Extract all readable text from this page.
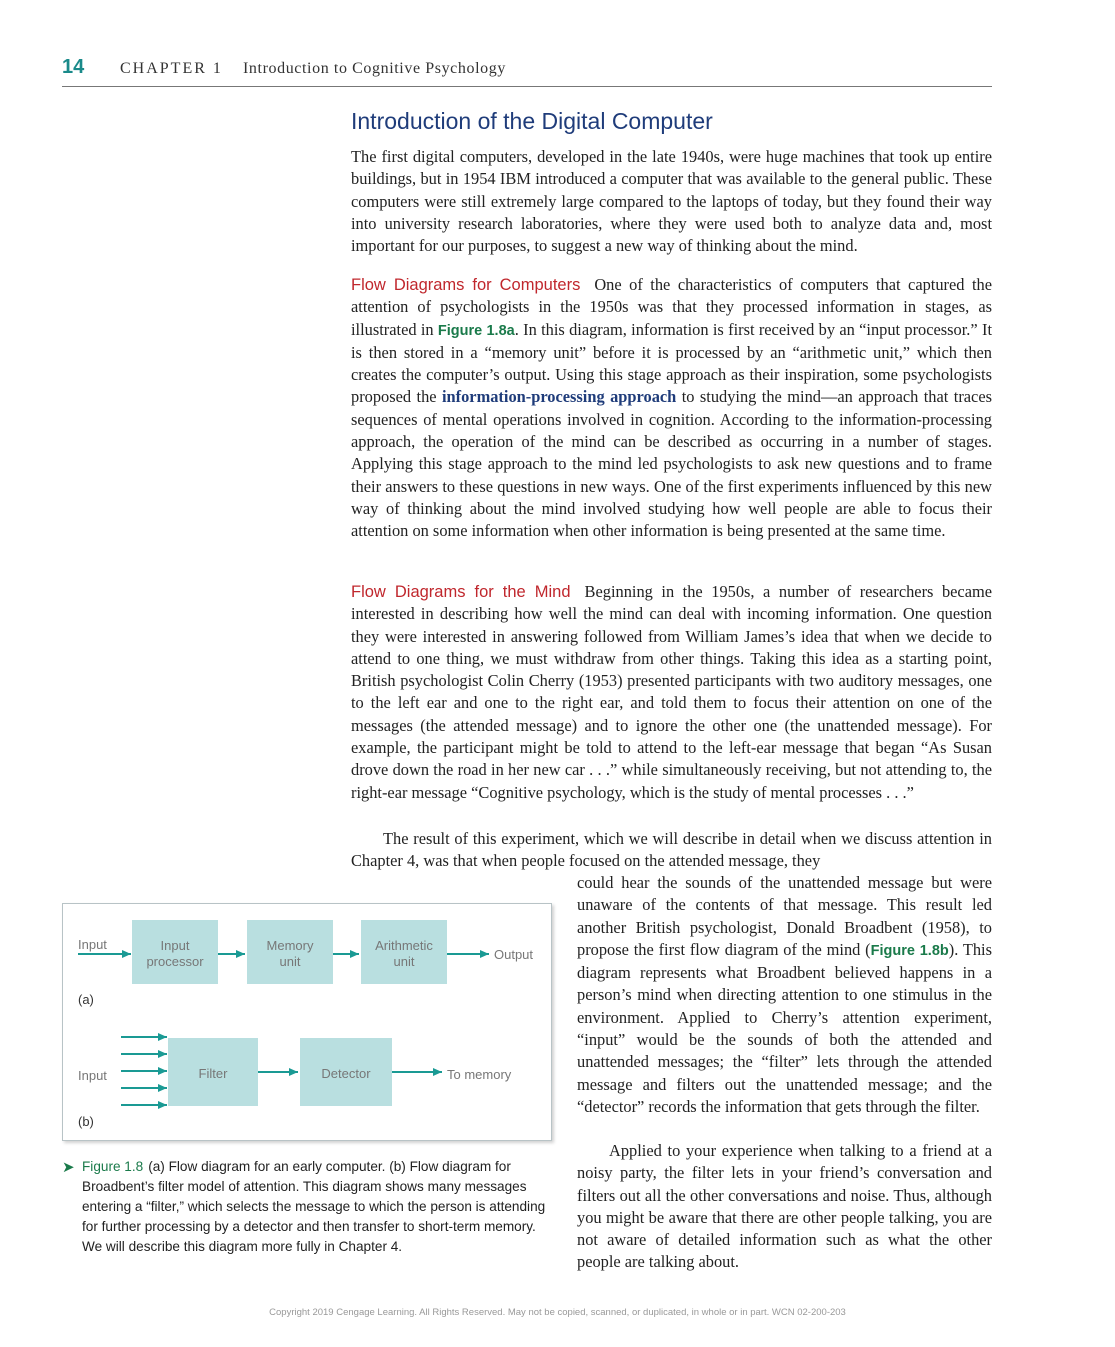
14 CHAPTER 1 Introduction to Cognitive Psychology
Introduction of the Digital Computer

The first digital computers, developed in the late 1940s, were huge machines that took up entire buildings, but in 1954 IBM introduced a computer that was available to the general public. These computers were still extremely large compared to the laptops of today, but they found their way into university research laboratories, where they were used both to analyze data and, most important for our purposes, to suggest a new way of thinking about the mind.

Flow Diagrams for Computers One of the characteristics of computers that captured the attention of psychologists in the 1950s was that they processed information in stages, as illustrated in Figure 1.8a. In this diagram, information is first received by an “input processor.” It is then stored in a “memory unit” before it is processed by an “arithmetic unit,” which then creates the computer’s output. Using this stage approach as their inspiration, some psychologists proposed the information-processing approach to studying the mind—an approach that traces sequences of mental operations involved in cognition. According to the information-processing approach, the operation of the mind can be described as occurring in a number of stages. Applying this stage approach to the mind led psychologists to ask new questions and to frame their answers to these questions in new ways. One of the first experiments influenced by this new way of thinking about the mind involved studying how well people are able to focus their attention on some information when other information is being presented at the same time.

Flow Diagrams for the Mind Beginning in the 1950s, a number of researchers became interested in describing how well the mind can deal with incoming information. One question they were interested in answering followed from William James’s idea that when we decide to attend to one thing, we must withdraw from other things. Taking this idea as a starting point, British psychologist Colin Cherry (1953) presented participants with two auditory messages, one to the left ear and one to the right ear, and told them to focus their attention on one of the messages (the attended message) and to ignore the other one (the unattended message). For example, the participant might be told to attend to the left-ear message that began “As Susan drove down the road in her new car . . .” while simultaneously receiving, but not attending to, the right-ear message “Cognitive psychology, which is the study of mental processes . . .”

The result of this experiment, which we will describe in detail when we discuss attention in Chapter 4, was that when people focused on the attended message, they

could hear the sounds of the unattended message but were unaware of the contents of that message. This result led another British psychologist, Donald Broadbent (1958), to propose the first flow diagram of the mind (Figure 1.8b). This diagram represents what Broadbent believed happens in a person’s mind when directing attention to one stimulus in the environment. Applied to Cherry’s attention experiment, “input” would be the sounds of both the attended and unattended messages; the “filter” lets through the attended message and filters out the unattended message; and the “detector” records the information that gets through the filter.
Applied to your experience when talking to a friend at a noisy party, the filter lets in your friend’s conversation and filters out all the other conversations and noise. Thus, although you might be aware that there are other people talking, you are not aware of detailed information such as what the other people are talking about.
Input	Input
processor
Memory
unit
Arithmetic
unit	Output
(a)
Input	Filter	Detector	To memory
(b)
➤ Figure 1.8 (a) Flow diagram for an early computer. (b) Flow diagram for Broadbent’s filter model of attention. This diagram shows many messages entering a “filter,” which selects the message to which the person is attending for further processing by a detector and then transfer to short-term memory. We will describe this diagram more fully in Chapter 4.
Copyright 2019 Cengage Learning. All Rights Reserved. May not be copied, scanned, or duplicated, in whole or in part. WCN 02-200-203
